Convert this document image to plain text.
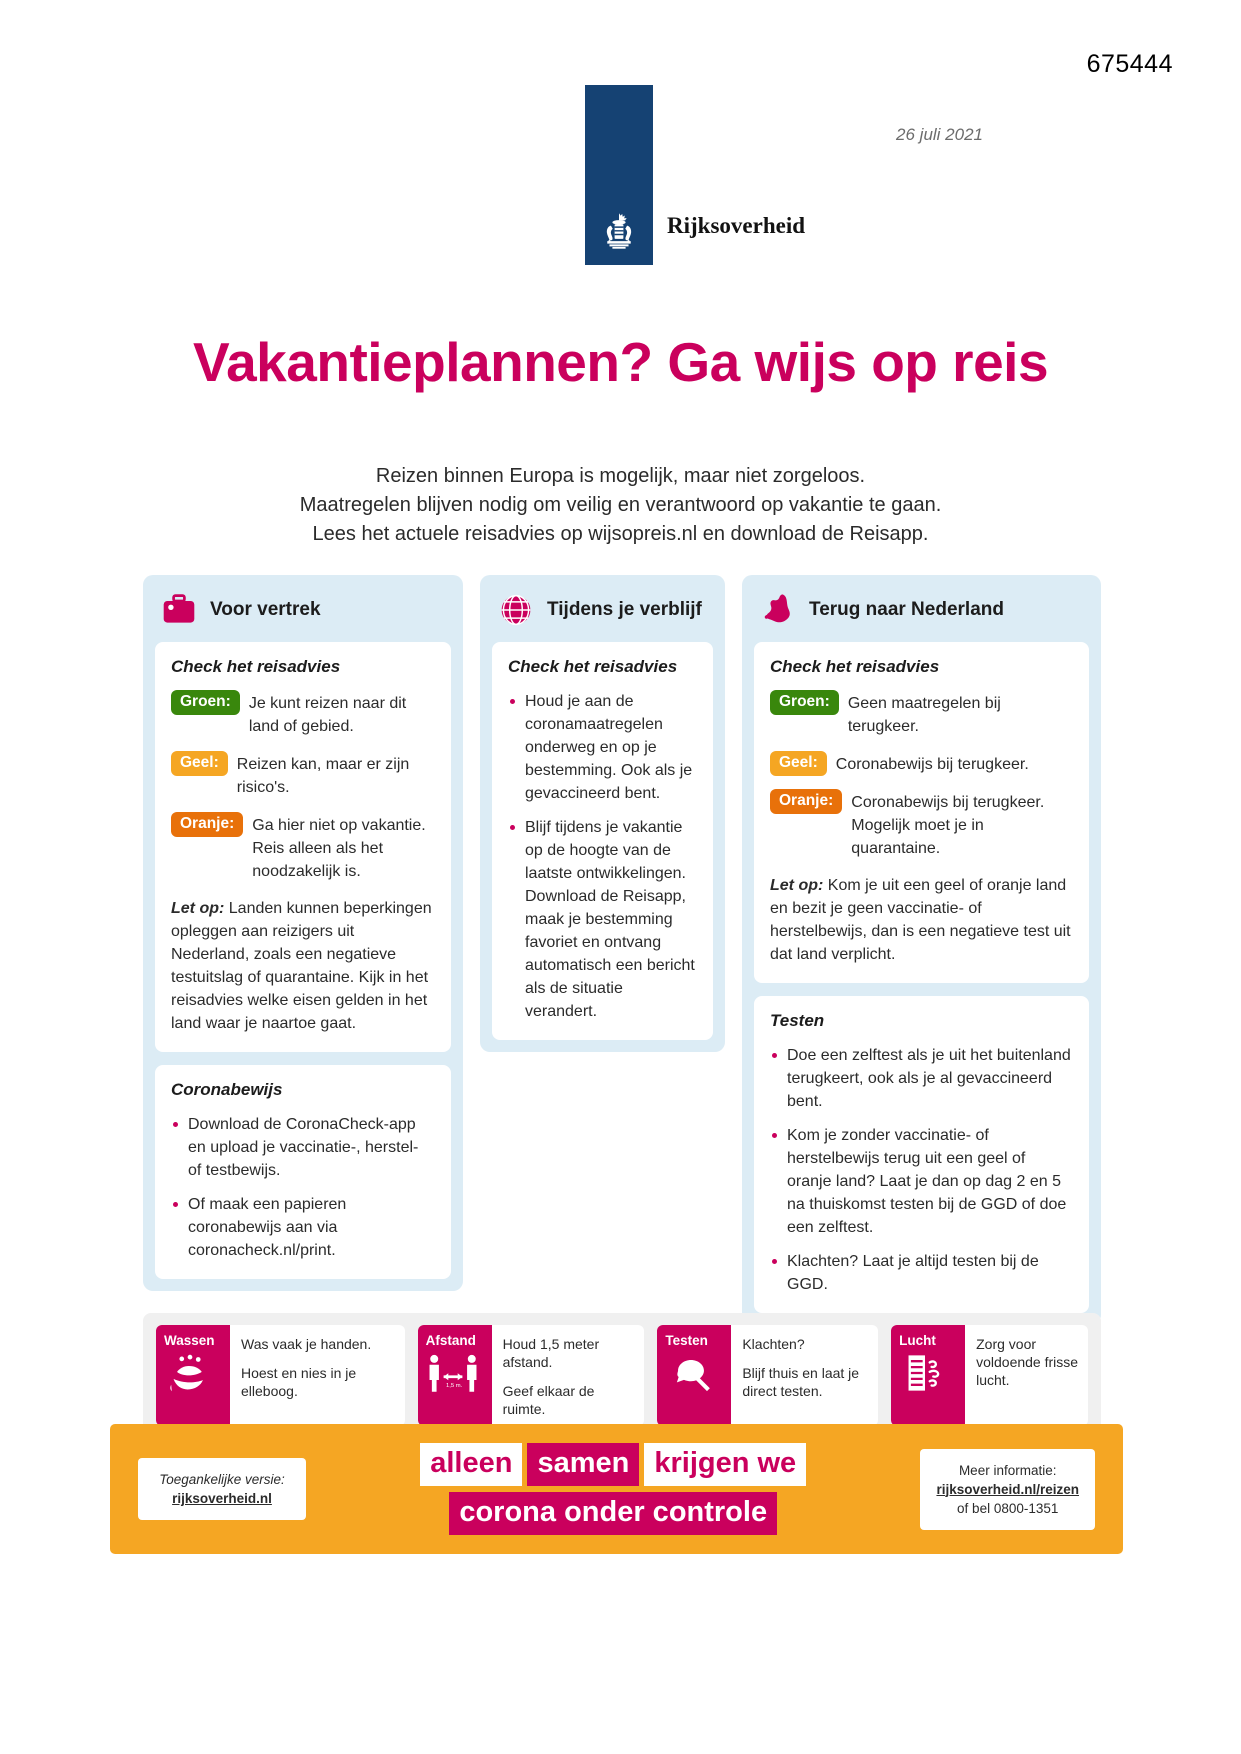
675444
26 juli 2021
Rijksoverheid
Vakantieplannen? Ga wijs op reis
Reizen binnen Europa is mogelijk, maar niet zorgeloos.
Maatregelen blijven nodig om veilig en verantwoord op vakantie te gaan.
Lees het actuele reisadvies op wijsopreis.nl en download de Reisapp.
Voor vertrek
Check het reisadvies
Groen:	Je kunt reizen naar dit land of gebied.
Geel:	Reizen kan, maar er zijn risico's.
Oranje:	Ga hier niet op vakantie. Reis alleen als het noodzakelijk is.
Let op: Landen kunnen beperkingen opleggen aan reizigers uit Nederland, zoals een negatieve testuitslag of quarantaine. Kijk in het reisadvies welke eisen gelden in het land waar je naartoe gaat.
Coronabewijs
Download de CoronaCheck-app en upload je vaccinatie-, herstel- of testbewijs.
Of maak een papieren coronabewijs aan via coronacheck.nl/print.
Tijdens je verblijf
Check het reisadvies
Houd je aan de coronamaatregelen onderweg en op je bestemming. Ook als je gevaccineerd bent.
Blijf tijdens je vakantie op de hoogte van de laatste ontwikkelingen. Download de Reisapp, maak je bestemming favoriet en ontvang automatisch een bericht als de situatie verandert.
Terug naar Nederland
Check het reisadvies
Groen:	Geen maatregelen bij terugkeer.
Geel:	Coronabewijs bij terugkeer.
Oranje:	Coronabewijs bij terugkeer. Mogelijk moet je in quarantaine.
Let op: Kom je uit een geel of oranje land en bezit je geen vaccinatie- of herstelbewijs, dan is een negatieve test uit dat land verplicht.
Testen
Doe een zelftest als je uit het buitenland terugkeert, ook als je al gevaccineerd bent.
Kom je zonder vaccinatie- of herstelbewijs terug uit een geel of oranje land? Laat je dan op dag 2 en 5 na thuiskomst testen bij de GGD of doe een zelftest.
Klachten? Laat je altijd testen bij de GGD.
Wassen	Was vaak je handen.
Hoest en nies in je elleboog.
Afstand
1,5 m.
Houd 1,5 meter afstand.
Geef elkaar de ruimte.
Testen	Klachten?
Blijf thuis en laat je direct testen.
Lucht	Zorg voor voldoende frisse lucht.
Toegankelijke versie:
rijksoverheid.nl
alleen samen krijgen we
corona onder controle
Meer informatie:
rijksoverheid.nl/reizen
of bel 0800-1351
